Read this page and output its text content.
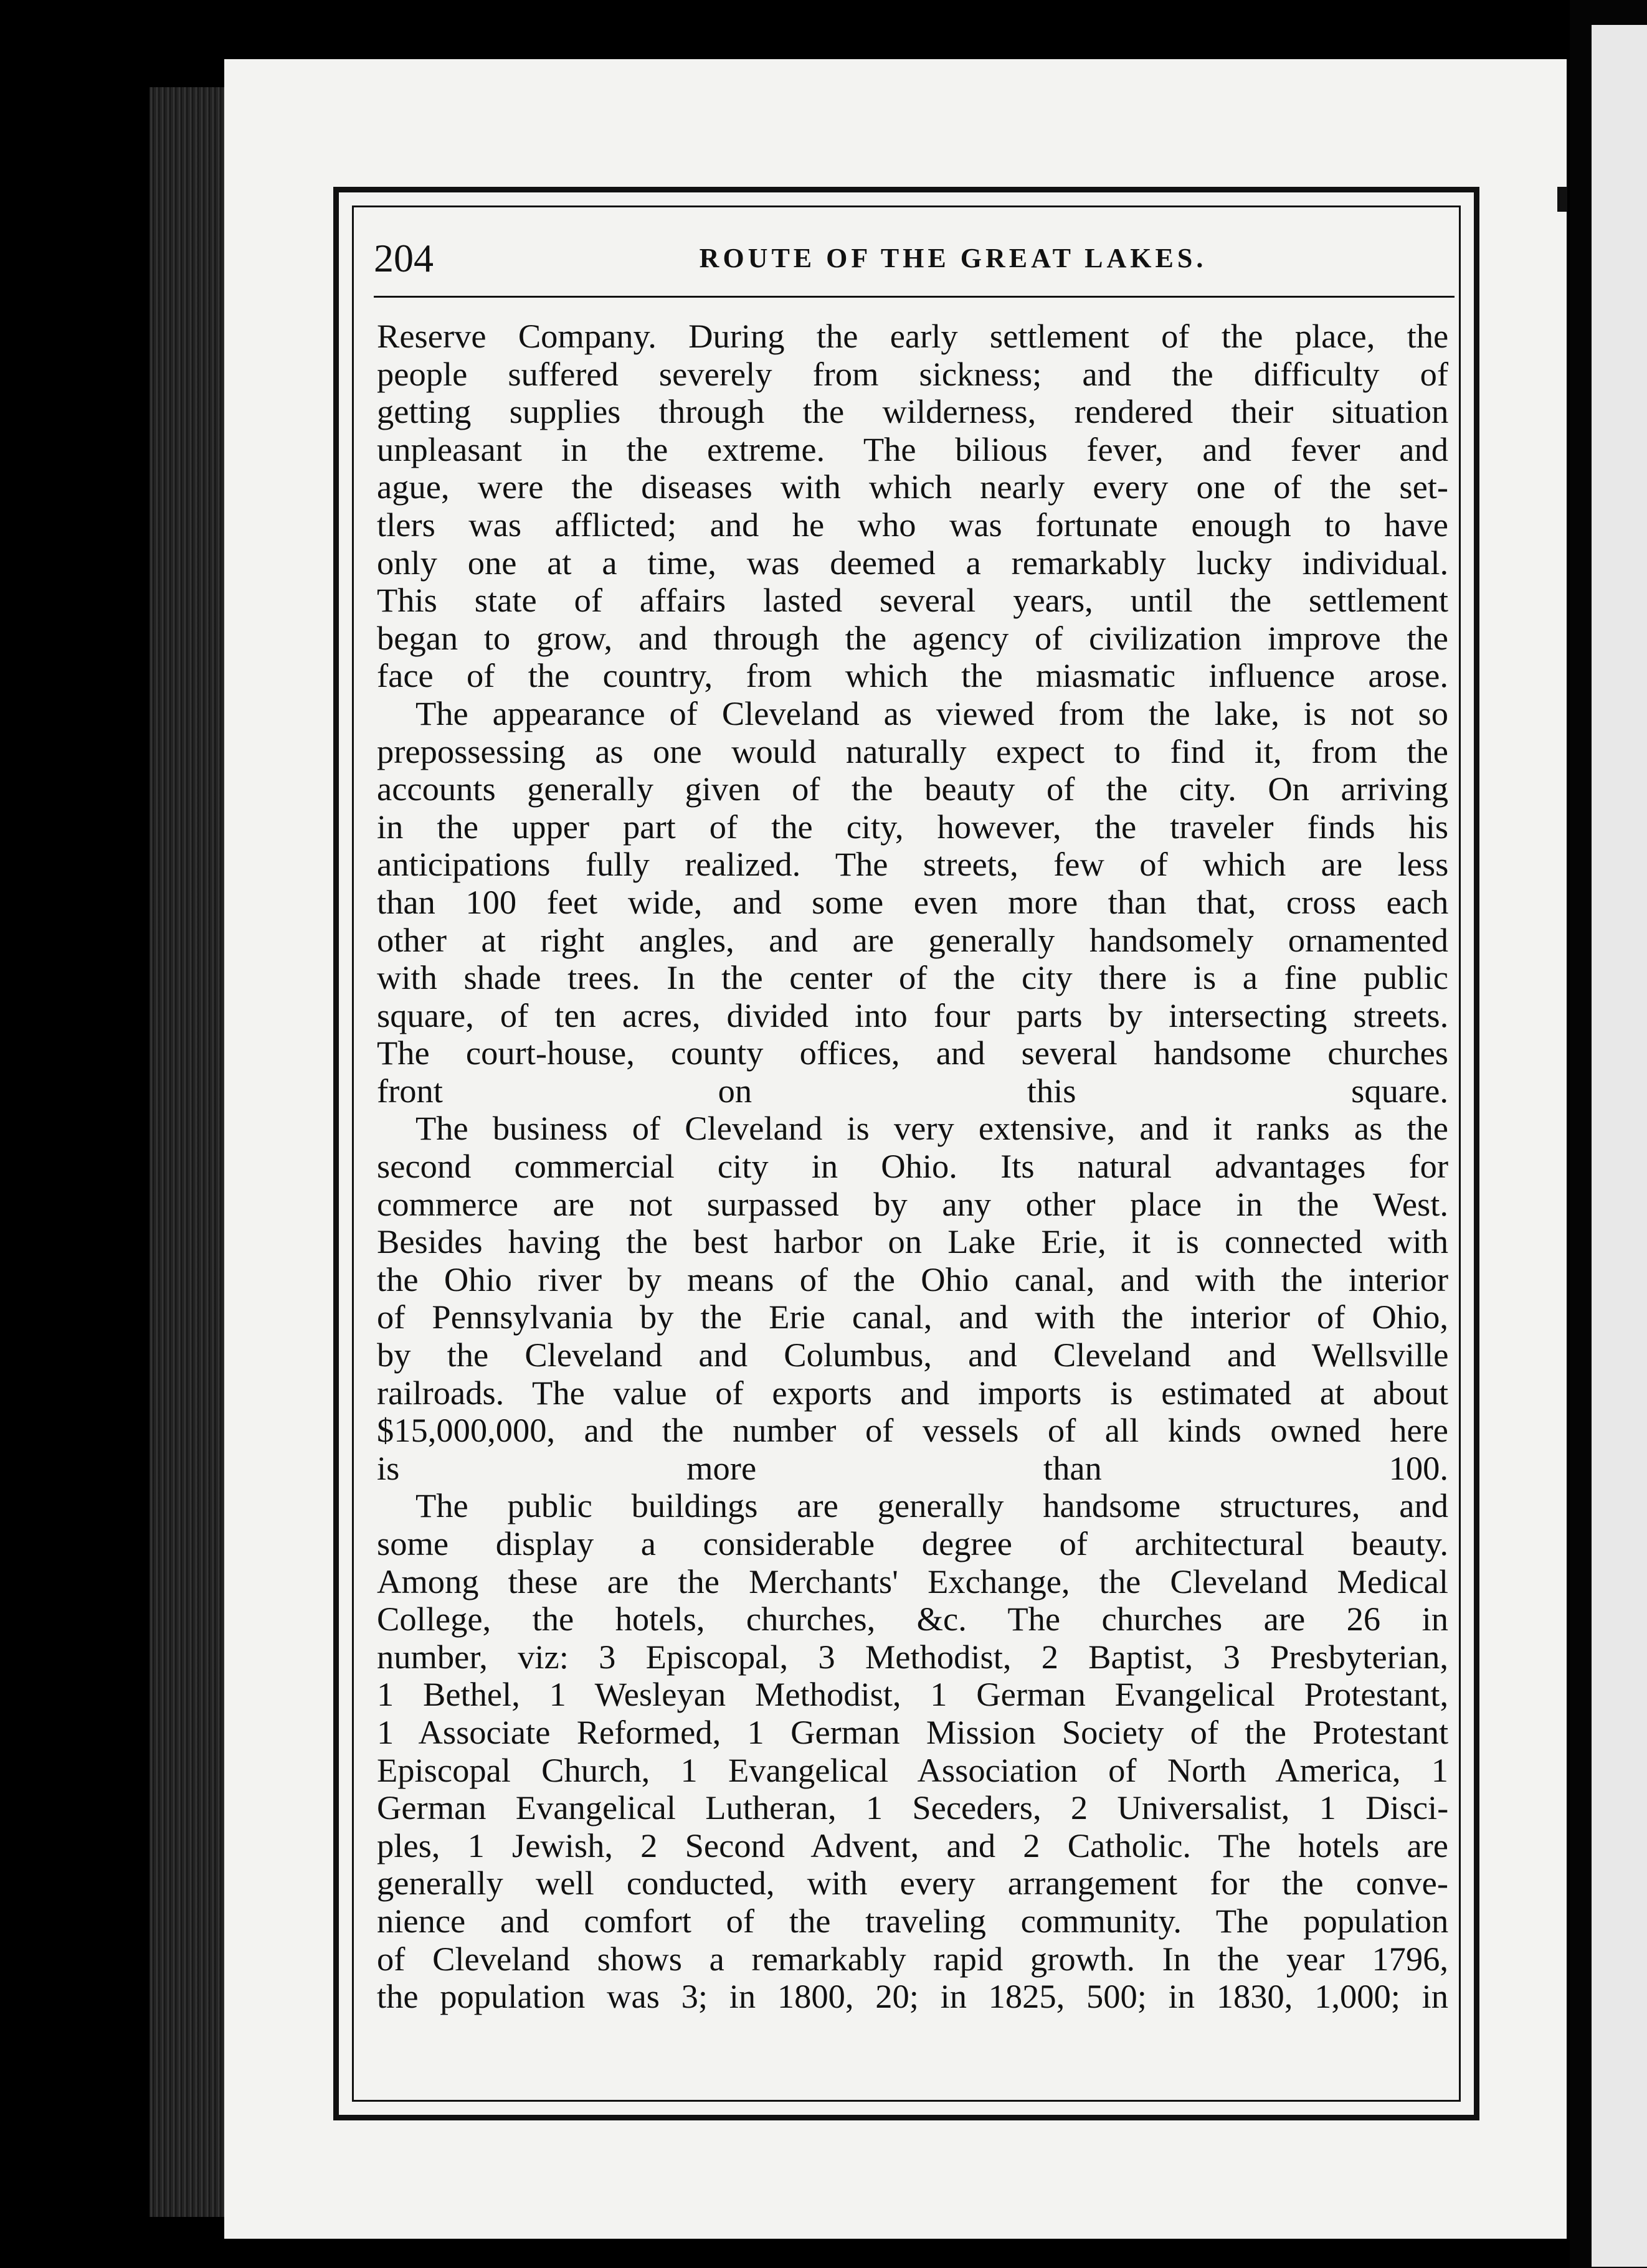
204	ROUTE OF THE GREAT LAKES.
Reserve Company. During the early settlement of the place, the
people suffered severely from sickness; and the difficulty of
getting supplies through the wilderness, rendered their situation
unpleasant in the extreme. The bilious fever, and fever and
ague, were the diseases with which nearly every one of the set-
tlers was afflicted; and he who was fortunate enough to have
only one at a time, was deemed a remarkably lucky individual.
This state of affairs lasted several years, until the settlement
began to grow, and through the agency of civilization improve the
face of the country, from which the miasmatic influence arose.
The appearance of Cleveland as viewed from the lake, is not so
prepossessing as one would naturally expect to find it, from the
accounts generally given of the beauty of the city. On arriving
in the upper part of the city, however, the traveler finds his
anticipations fully realized. The streets, few of which are less
than 100 feet wide, and some even more than that, cross each
other at right angles, and are generally handsomely ornamented
with shade trees. In the center of the city there is a fine public
square, of ten acres, divided into four parts by intersecting streets.
The court-house, county offices, and several handsome churches
front on this square.
The business of Cleveland is very extensive, and it ranks as the
second commercial city in Ohio. Its natural advantages for
commerce are not surpassed by any other place in the West.
Besides having the best harbor on Lake Erie, it is connected with
the Ohio river by means of the Ohio canal, and with the interior
of Pennsylvania by the Erie canal, and with the interior of Ohio,
by the Cleveland and Columbus, and Cleveland and Wellsville
railroads. The value of exports and imports is estimated at about
$15,000,000, and the number of vessels of all kinds owned here
is more than 100.
The public buildings are generally handsome structures, and
some display a considerable degree of architectural beauty.
Among these are the Merchants' Exchange, the Cleveland Medical
College, the hotels, churches, &c. The churches are 26 in
number, viz: 3 Episcopal, 3 Methodist, 2 Baptist, 3 Presbyterian,
1 Bethel, 1 Wesleyan Methodist, 1 German Evangelical Protestant,
1 Associate Reformed, 1 German Mission Society of the Protestant
Episcopal Church, 1 Evangelical Association of North America, 1
German Evangelical Lutheran, 1 Seceders, 2 Universalist, 1 Disci-
ples, 1 Jewish, 2 Second Advent, and 2 Catholic. The hotels are
generally well conducted, with every arrangement for the conve-
nience and comfort of the traveling community. The population
of Cleveland shows a remarkably rapid growth. In the year 1796,
the population was 3; in 1800, 20; in 1825, 500; in 1830, 1,000; in
